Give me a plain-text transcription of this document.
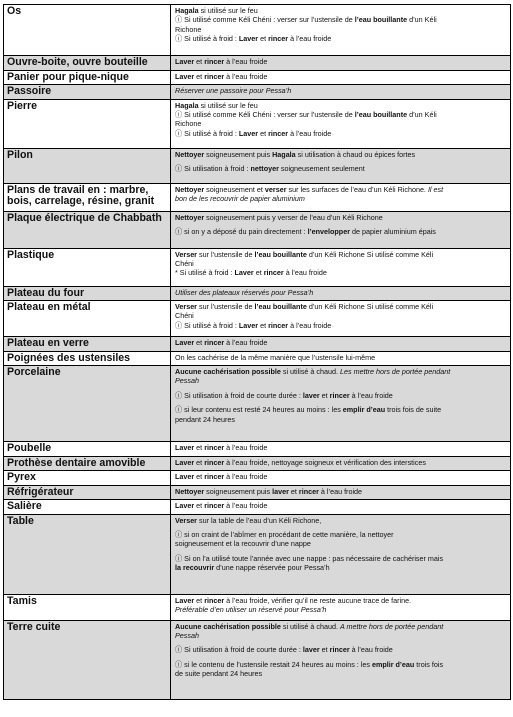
Os	Hagala si utilisé sur le feu
ⓘ Si utilisé comme Kéli Chéni : verser sur l’ustensile de l’eau bouillante d’un Kéli
Richone
ⓘ Si utilisé à froid : Laver et rincer à l’eau froide

Ouvre-boite, ouvre bouteille	Laver et rincer à l’eau froide

Panier pour pique-nique	Laver et rincer à l’eau froide

Passoire	Réserver une passoire pour Pessa’h

Pierre	Hagala si utilisé sur le feu
ⓘ Si utilisé comme Kéli Chéni : verser sur l’ustensile de l’eau bouillante d’un Kéli
Richone
ⓘ Si utilisé à froid : Laver et rincer à l’eau froide

Pilon	Nettoyer soigneusement puis Hagala si utilisation à chaud ou épices fortes
ⓘ Si utilisation à froid : nettoyer soigneusement seulement

Plans de travail en : marbre, bois, carrelage, résine, granit	Nettoyer soigneusement et verser sur les surfaces de l’eau d’un Kéli Richone. Il est
bon de les recouvrir de papier aluminium

Plaque électrique de Chabbath	Nettoyer soigneusement puis y verser de l’eau d’un Kéli Richone
ⓘ si on y a déposé du pain directement : l’envelopper de papier aluminium épais

Plastique	Verser sur l’ustensile de l’eau bouillante d’un Kéli Richone Si utilisé comme Kéli
Chéni
* Si utilisé à froid : Laver et rincer à l’eau froide

Plateau du four	Utiliser des plateaux réservés pour Pessa’h

Plateau en métal	Verser sur l’ustensile de l’eau bouillante d’un Kéli Richone Si utilisé comme Kéli
Chéni
ⓘ Si utilisé à froid : Laver et rincer à l’eau froide

Plateau en verre	Laver et rincer à l’eau froide

Poignées des ustensiles	On les cachérise de la même manière que l’ustensile lui-même

Porcelaine	Aucune cachérisation possible si utilisé à chaud. Les mettre hors de portée pendant
Pessah
ⓘ Si utilisation à froid de courte durée : laver et rincer à l’eau froide
ⓘ si leur contenu est resté 24 heures au moins : les emplir d’eau trois fois de suite
pendant 24 heures

Poubelle	Laver et rincer à l’eau froide

Prothèse dentaire amovible	Laver et rincer à l’eau froide, nettoyage soigneux et vérification des interstices

Pyrex	Laver et rincer à l’eau froide

Réfrigérateur	Nettoyer soigneusement puis laver et rincer à l’eau froide

Salière	Laver et rincer à l’eau froide

Table	Verser sur la table de l’eau d’un Kéli Richone,
ⓘ si on craint de l’abîmer en procédant de cette manière, la nettoyer
soigneusement et la recouvrir d’une nappe
ⓘ Si on l’a utilisé toute l’année avec une nappe : pas nécessaire de cachériser mais
la recouvrir d’une nappe réservée pour Pessa’h

Tamis	Laver et rincer à l’eau froide, vérifier qu’il ne reste aucune trace de farine.
Préférable d’en utiliser un réservé pour Pessa’h

Terre cuite	Aucune cachérisation possible si utilisé à chaud. A mettre hors de portée pendant
Pessah
ⓘ Si utilisation à froid de courte durée : laver et rincer à l’eau froide
ⓘ si le contenu de l’ustensile restait 24 heures au moins : les emplir d’eau trois fois
de suite pendant 24 heures
